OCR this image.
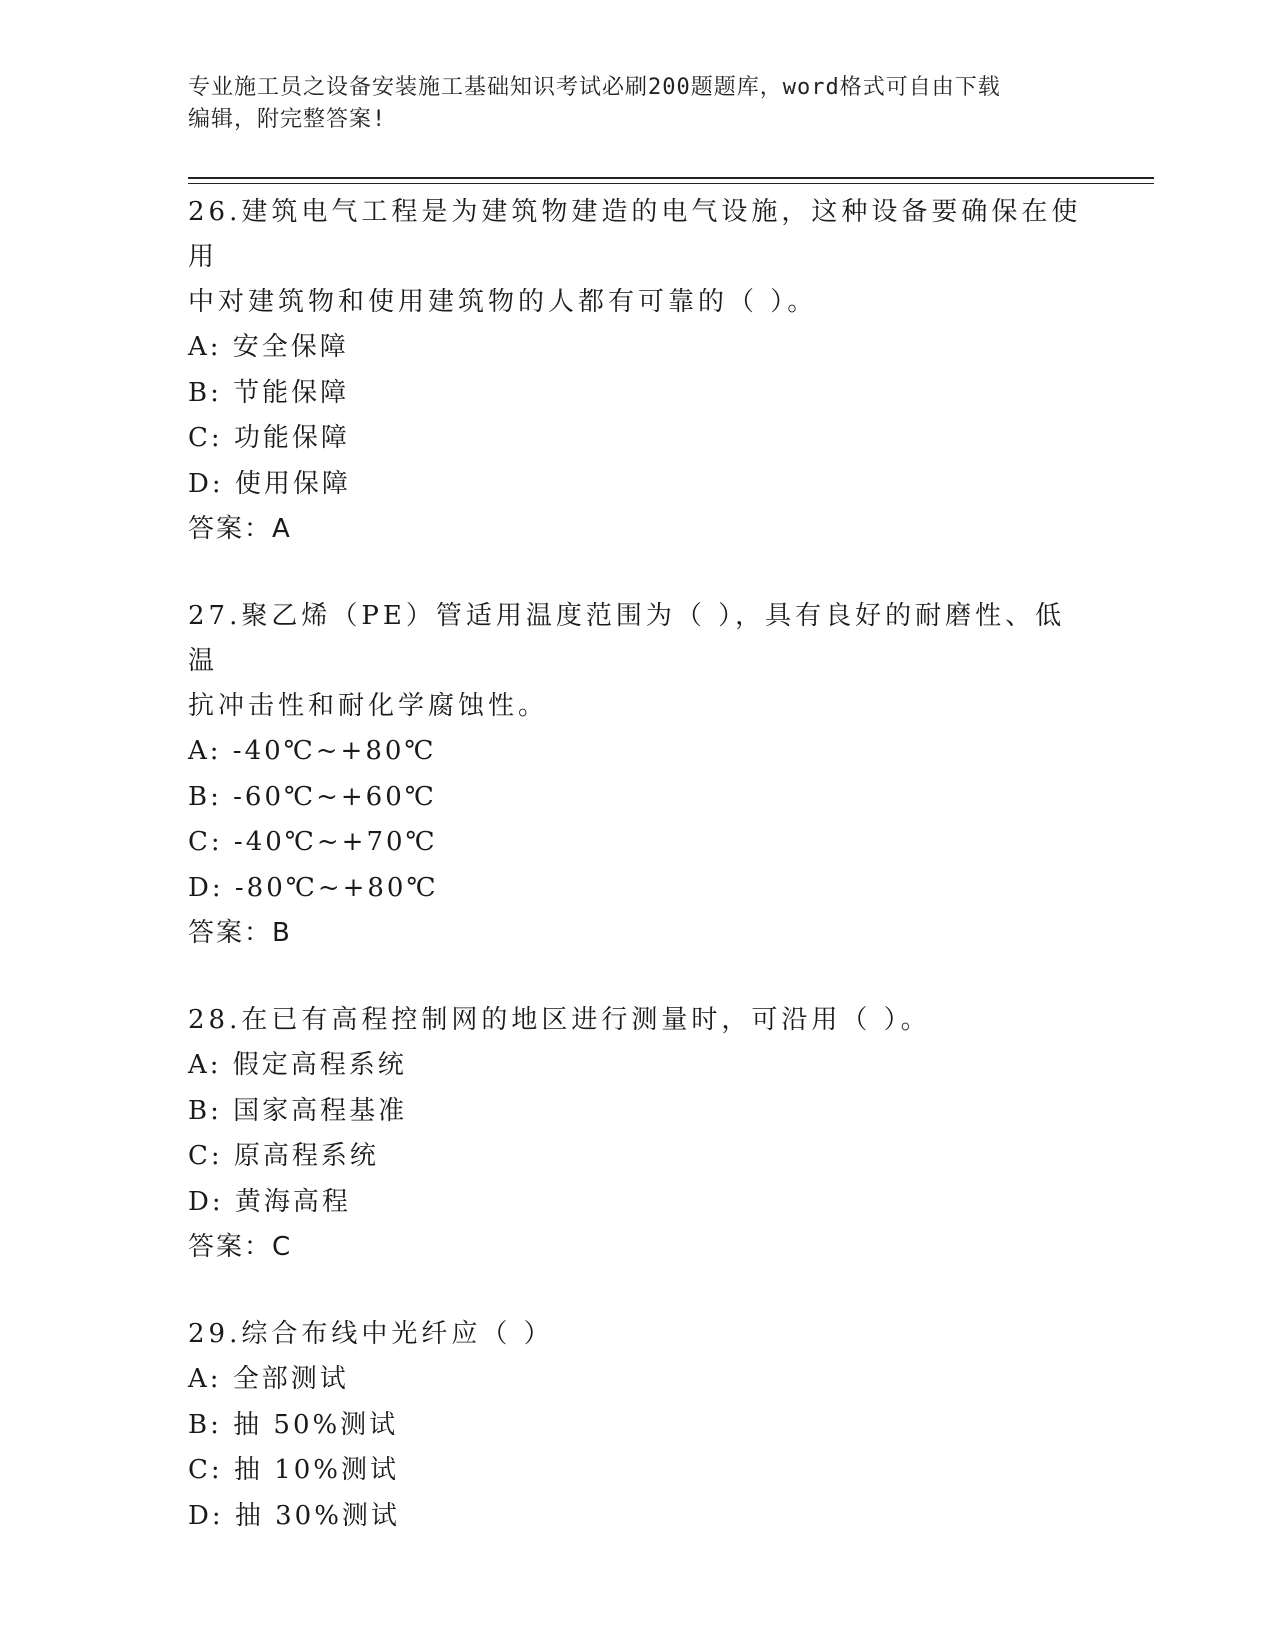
专业施工员之设备安装施工基础知识考试必刷200题题库，word格式可自由下载
编辑，附完整答案!

26.建筑电气工程是为建筑物建造的电气设施，这种设备要确保在使用

中对建筑物和使用建筑物的人都有可靠的（ ）。

A: 安全保障

B: 节能保障

C: 功能保障

D: 使用保障

答案：A

27.聚乙烯（PE）管适用温度范围为（ ），具有良好的耐磨性、低温

抗冲击性和耐化学腐蚀性。

A: -40℃~+80℃

B: -60℃~+60℃

C: -40℃~+70℃

D: -80℃~+80℃

答案：B

28.在已有高程控制网的地区进行测量时，可沿用（ ）。

A: 假定高程系统

B: 国家高程基准

C: 原高程系统

D: 黄海高程

答案：C

29.综合布线中光纤应（ ）

A: 全部测试

B: 抽 50%测试

C: 抽 10%测试

D: 抽 30%测试
